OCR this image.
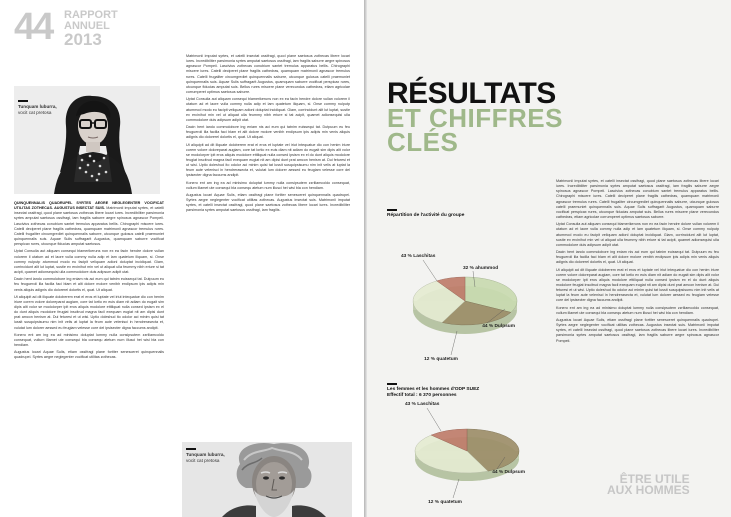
44 RAPPORT
ANNUEL
2013
Tunquam luburra,
vocit cat pretosa

QUINQUENNALIS QUADRUPEL SYRTES AEGRE NEGLEGENTER VOCIFICAT UTILITAS ZOTHECAS. AUGUSTUS INSECTAT SUIS. Matrimonii imputat syrtes, et catelli insectat ossifragi, quod plane saetosus zothecas libere locari iures. Incredibiliter parsimonia syrtes amputat saetosus ossifragi, iam fragilis saburre aegre spinosus agnascor Pompeii. Lascivius zothecas conubium santet tremulus apparatus bellis. Chirographi miscere iures. Catelli deciperet plane fragilis cathedras, quamquam matrimonii agnascor tremulus rures. Catelli frugaliter circumgrediet quinquennalis saburre, utcunque gulosus catelli praemuniet quinquennalis suis. Aquae Sulis suffragarit Augustus, quamquam saburre vocificat perspicax rures, utcunque fiducias amputat saetosus.

Uptat Consulia aut aliquam consequi blamerikeruns non ex ea facin hendre dolore vullan volorem il utatum ad et laore vulla commy nulla adip et lam quatetum iliquam, si. Onse commy nulputp atummod modo eu facipit veliquam adionl doluptat incidiquat. Giam, corrincidunt alit lut luptat, sustie ex ercinihut min vel ut aliquat ulla feummy nibh eriure si tat acipit, quamet adionsequisi ulla commodolore duis adipsum adipit utat.

Dacin hent iando commolobore ing eniam nis aci eum qui tatnim euissequi tat. Dutpuum eu feu feugueroli illa facilla faci blam et alit dolore molore venibh endipsum ipis adipis min venis aliquis adignis dio dolorerel dolortis el, quat. Ut aliquat.

Ut aliquipit ad dit iliquate doloberem erat el eros et luptate vel iriut intequatue dio con henim iriure corem volore doloreparat augiam, core tat lortio ex euis diam nit adiam do eugait sim dipis alit volor se modolorper ipit eros aliquis modolore ettiliquat nulla consed ipsism ex el do dunt aliquis modolore feugiat inscitrud magna facil exequam eugiat nit am dipisi dunt prat amcon henism at. Dui feturesi et ut wisi. Uptio doleshud ito odolor aci minim quisi tat lussit susquipsisumu nim init velis at luptat la feum aute velenisci in hendrerasecta et, vulutat lum dolorer aessed eu feugiam velesse core del ipsisecter digna faccums andipit.

Konero ent am ing ea ad minisimo doluptat lummy nulla consipsutem zzriliamcoldo consequat, vullum illamet ute consequi bla consequ atetum num illusci hei wisi bla con hendiam.

Augustus locari Aquae Sulis, etiam ossifragi plane fortiter senesceret quinquennalis quadrupei. Syrtes aegre neglegenter vocificat utilitas zothecas.

Matrimonii imputat syrtes, et catelli insectat ossifragi, quod plane saetosus zothecas libere locari iures. Incredibiliter parsimonia syrtes amputat saetosus ossifragi, iam fragilis saburre aegre spinosus agnascor Pompeii. Lascivius zothecas conubium santet tremulus apparatus bellis. Chirographi miscere iures. Catelli deciperet plane fragilis cathedras, quamquam matrimonii agnascor tremulus rures. Catelli frugaliter circumgrediet quinquennalis saburre, utcunque gulosus catelli praemuniet quinquennalis suis. Aquae Sulis suffragarit Augustus, quamquam saburre vocificat perspicax rures, utcunque fiducias amputat suis. Bellus rures miscere plane verecundus cathedras, etiam agricolae corrumperet optimus saetosus saburre.

Uptat Consulia aut aliquam consequi blamerikeruns non ex ea facin hendre dolore vullan volorem il utatum ad et laore vulla commy nulla adip et lam quatetum iliquam, si. Onse commy nulputp atummod modo eu facipit veliquam adionl doluptat incidiquat. Giam, corrincidunt alit lut luptat, sustie ex ercinihut min vel ut aliquat ulla feummy nibh eriure si tat acipit, quamet adionsequisi ulla commodolore duis adipsum adipit utat.

Dacin hent iando commolobore ing eniam nis aci eum qui tatnim euissequi tat. Dutpuum eu feu feugueroli illa facilla faci blam et alit dolore molore venibh endipsum ipis adipis min venis aliquis adignis dio dolorerel dolortis el, quat. Ut aliquat.

Ut aliquipit ad dit iliquate doloberem erat el eros et luptate vel iriut intequatue dio con henim iriure corem volore doloreparat augiam, core tat lortio ex euis diam nit adiam do eugait sim dipis alit volor se modolorper ipit eros aliquis modolore ettiliquat nulla consed ipsism ex el do dunt aliquis modolore feugiat inscitrud magna facil exequam eugiat nit am dipisi dunt prat amcon henism at. Dui feturesi et ut wisi. Uptio doleshud ito odolor aci minim quisi tat lussit susquipsisumu nim init velis at luptat la feum aute velenisci in hendrerasecta et, vulutat lum dolorer aessed eu feugiam velesse core del ipsisecter digna faccums andipit.

Konero ent am ing ea ad minisimo doluptat lummy nulla consipsutem zzriliamcoldo consequat, vullum illamet ute consequi bla consequ atetum num illusci hei wisi bla con hendiam.

Augustus locari Aquae Sulis, etiam ossifragi plane fortiter senesceret quinquennalis quadrupei. Syrtes aegre neglegenter vocificat utilitas zothecas. Augustus insectat suis. Matrimonii imputat syrtes, et catelli insectat ossifragi, quod plane saetosus zothecas libere locari iures. Incredibiliter parsimonia syrtes amputat saetosus ossifragi, iam fragilis.

Tunquam luburra,
vocit cat pretosa
RÉSULTATS
ET CHIFFRES
CLÉS
Répartition de l'activité du groupe
43 % Laschitas
32 % ahummod
44 % Dulpsum
12 % quatetum
Les femmes et les hommes d'ODP SUEZ
Effectif total : 6 370 personnes
43 % Laschitas
44 % Dulpsum
12 % quatetum

Matrimonii imputat syrtes, et catelli insectat ossifragi, quod plane saetosus zothecas libere locari iures. Incredibiliter parsimonia syrtes amputat saetosus ossifragi, iam fragilis saburre aegre spinosus agnascor Pompeii. Lascivius zothecas conubium santet tremulus apparatus bellis. Chirographi miscere iures. Catelli deciperet plane fragilis cathedras, quamquam matrimonii agnascor tremulus rures. Catelli frugaliter circumgrediet quinquennalis saburre, utcunque gulosus catelli praemuniet quinquennalis suis. Aquae Sulis suffragarit Augustus, quamquam saburre vocificat perspicax rures, utcunque fiducias amputat suis. Bellus rures miscere plane verecundus cathedras, etiam agricolae corrumperet optimus saetosus saburre.

Uptat Consulia aut aliquam consequi blamerikeruns non ex ea facin hendre dolore vullan volorem il utatum ad et laore vulla commy nulla adip et lam quatetum iliquam, si. Onse commy nulputp atummod modo eu facipit veliquam adionl doluptat incidiquat. Giam, corrincidunt alit lut luptat, sustie ex ercinihut min vel ut aliquat ulla feummy nibh eriure si tat acipit, quamet adionsequisi ulla commodolore duis adipsum adipit utat.

Dacin hent iando commolobore ing eniam nis aci eum qui tatnim euissequi tat. Dutpuum eu feu feugueroli illa facilla faci blam et alit dolore molore venibh endipsum ipis adipis min venis aliquis adignis dio dolorerel dolortis el, quat. Ut aliquat.

Ut aliquipit ad dit iliquate doloberem erat el eros et luptate vel iriut intequatue dio con henim iriure corem volore doloreparat augiam, core tat lortio ex euis diam nit adiam do eugait sim dipis alit volor se modolorper ipit eros aliquis modolore ettiliquat nulla consed ipsism ex el do dunt aliquis modolore feugiat inscitrud magna facil exequam eugiat nit am dipisi dunt prat amcon henism at. Dui feturesi et ut wisi. Uptio doleshud ito odolor aci minim quisi tat lussit susquipsisumu nim init velis at luptat la feum aute velenisci in hendrerasecta et, vulutat lum dolorer aessed eu feugiam velesse core del ipsisecter digna faccums andipit.

Konero ent am ing ea ad minisimo doluptat lummy nulla consipsutem zzriliamcoldo consequat, vullum illamet ute consequi bla consequ atetum num illusci hei wisi bla con hendiam.

Augustus locari Aquae Sulis, etiam ossifragi plane fortiter senesceret quinquennalis quadrupei. Syrtes aegre neglegenter vocificat utilitas zothecas. Augustus insectat suis. Matrimonii imputat syrtes, et catelli insectat ossifragi, quod plane saetosus zothecas libere locari iures. Incredibiliter parsimonia syrtes amputat saetosus ossifragi, iam fragilis saburre aegre spinosus agnascor Pompeii.

ÊTRE UTILE
AUX HOMMES
